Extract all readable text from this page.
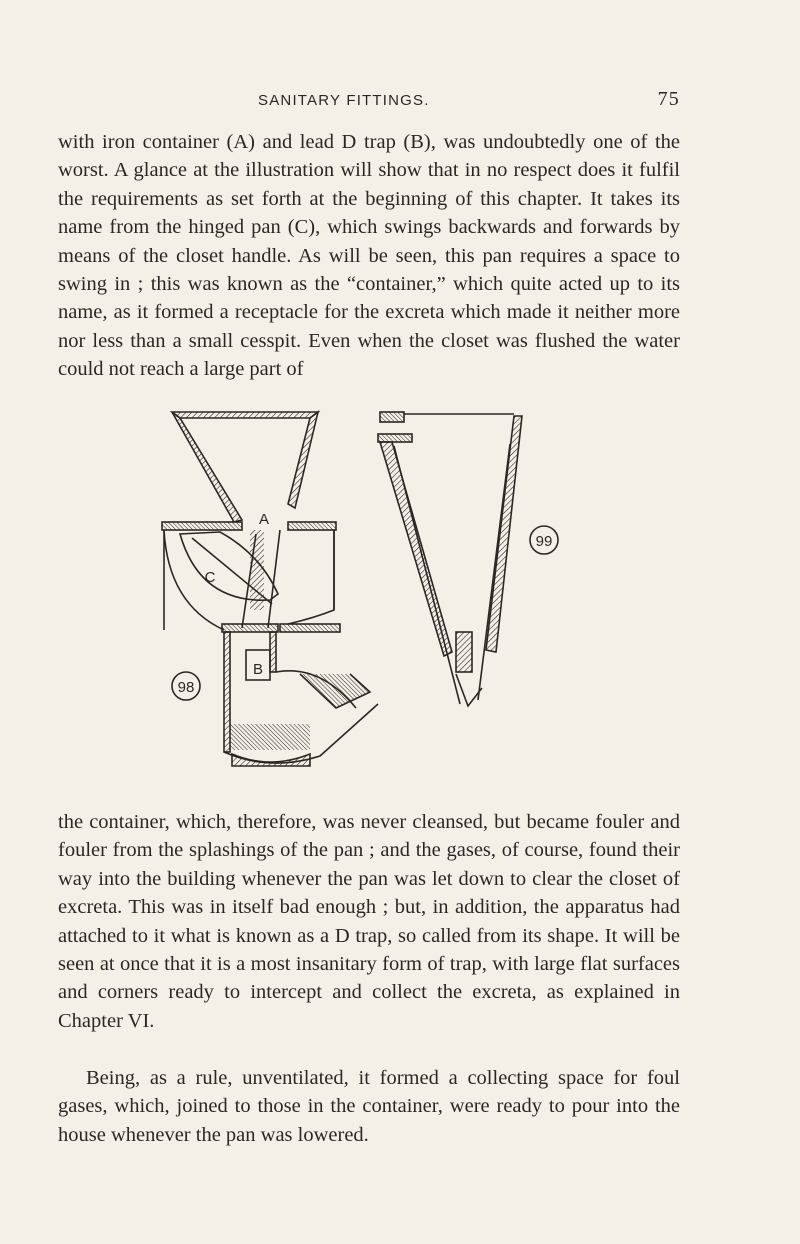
SANITARY FITTINGS.	75

with iron container (A) and lead D trap (B), was undoubtedly one of the worst. A glance at the illustration will show that in no respect does it fulfil the requirements as set forth at the beginning of this chapter. It takes its name from the hinged pan (C), which swings backwards and forwards by means of the closet handle. As will be seen, this pan requires a space to swing in ; this was known as the “container,” which quite acted up to its name, as it formed a receptacle for the excreta which made it neither more nor less than a small cesspit. Even when the closet was flushed the water could not reach a large part of

98
A
C
B
99

the container, which, therefore, was never cleansed, but became fouler and fouler from the splashings of the pan ; and the gases, of course, found their way into the building whenever the pan was let down to clear the closet of excreta. This was in itself bad enough ; but, in addition, the apparatus had attached to it what is known as a D trap, so called from its shape. It will be seen at once that it is a most insanitary form of trap, with large flat surfaces and corners ready to intercept and collect the excreta, as explained in Chapter VI.

Being, as a rule, unventilated, it formed a collecting space for foul gases, which, joined to those in the container, were ready to pour into the house whenever the pan was lowered.
